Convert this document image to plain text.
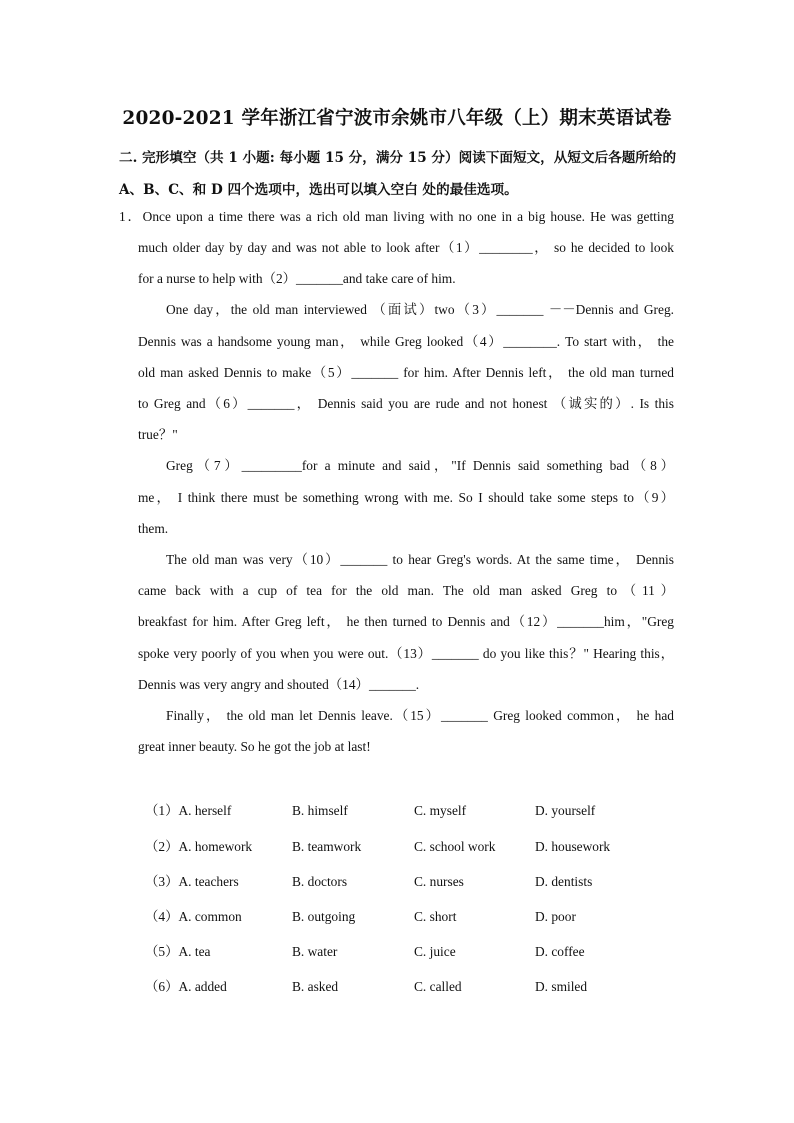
2020-2021 学年浙江省宁波市余姚市八年级（上）期末英语试卷
二. 完形填空（共 1 小题: 每小题 15 分，满分 15 分）阅读下面短文，从短文后各题所给的
A、B、C、和 D 四个选项中，选出可以填入空白 处的最佳选项。
1．Once upon a time there was a rich old man living with no one in a big house. He was getting
much older day by day and was not able to look after（1）________， so he decided to look
for a nurse to help with（2）_______and take care of him.
One day，the old man interviewed （面试）two（3）_______ －－Dennis and Greg.
Dennis was a handsome young man， while Greg looked（4）________. To start with， the
old man asked Dennis to make（5）_______ for him. After Dennis left， the old man turned
to Greg and（6）_______， Dennis said you are rude and not honest （诚实的）. Is this
true？"
Greg（7）_________for a minute and said，"If Dennis said something bad（8）
me， I think there must be something wrong with me. So I should take some steps to（9）
them.
The old man was very（10）_______ to hear Greg's words. At the same time， Dennis
came back with a cup of tea for the old man. The old man asked Greg to（11）
breakfast for him. After Greg left， he then turned to Dennis and（12）_______him，"Greg
spoke very poorly of you when you were out.（13）_______ do you like this？" Hearing this，
Dennis was very angry and shouted（14）_______.
Finally， the old man let Dennis leave.（15）_______ Greg looked common， he had
great inner beauty. So he got the job at last!
（1）A. herself	B. himself	C. myself	D. yourself
（2）A. homework	B. teamwork	C. school work	D. housework
（3）A. teachers	B. doctors	C. nurses	D. dentists
（4）A. common	B. outgoing	C. short	D. poor
（5）A. tea	B. water	C. juice	D. coffee
（6）A. added	B. asked	C. called	D. smiled
